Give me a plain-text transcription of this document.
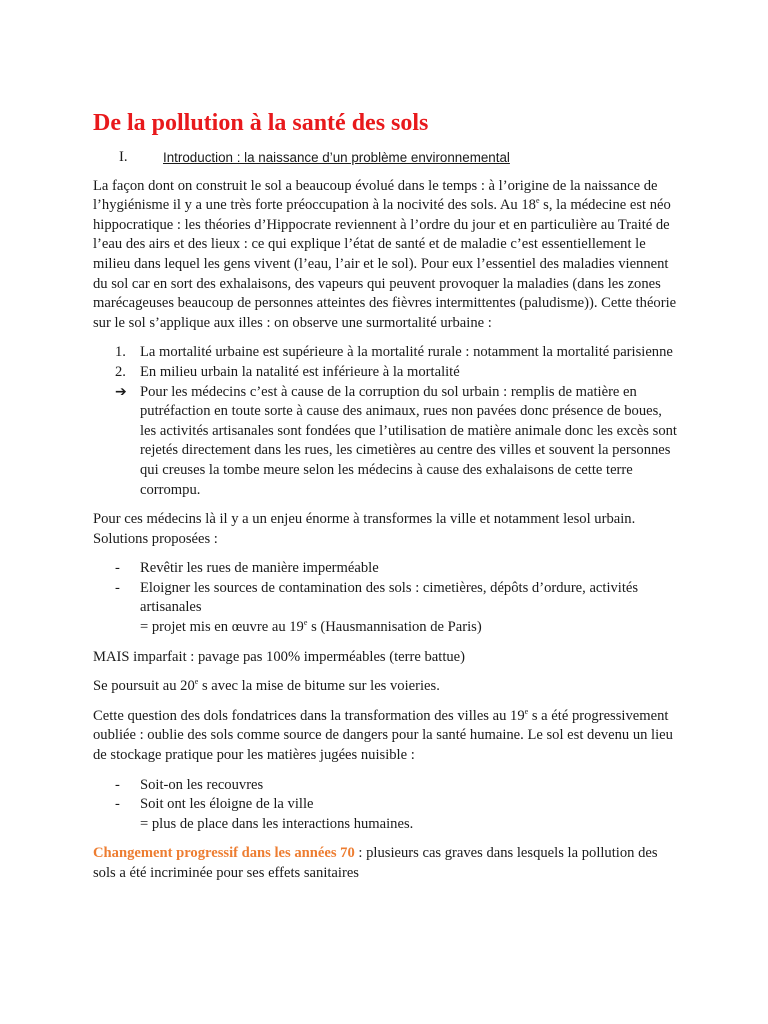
De la pollution à la santé des sols
I.	Introduction : la naissance d’un problème environnemental

La façon dont on construit le sol a beaucoup évolué dans le temps : à l’origine de la naissance de l’hygiénisme il y a une très forte préoccupation à la nocivité des sols. Au 18e s, la médecine est néo hippocratique : les théories d’Hippocrate reviennent à l’ordre du jour et en particulière au Traité de l’eau des airs et des lieux : ce qui explique l’état de santé et de maladie c’est essentiellement le milieu dans lequel les gens vivent (l’eau, l’air et le sol). Pour eux l’essentiel des maladies viennent du sol car en sort des exhalaisons, des vapeurs qui peuvent provoquer la maladies (dans les zones marécageuses beaucoup de personnes atteintes des fièvres intermittentes (paludisme)). Cette théorie sur le sol s’applique aux illes : on observe une surmortalité urbaine :

1. La mortalité urbaine est supérieure à la mortalité rurale : notamment la mortalité parisienne
2. En milieu urbain la natalité est inférieure à la mortalité
➔ Pour les médecins c’est à cause de la corruption du sol urbain : remplis de matière en putréfaction en toute sorte à cause des animaux, rues non pavées donc présence de boues, les activités artisanales sont fondées que l’utilisation de matière animale donc les excès sont rejetés directement dans les rues, les cimetières au centre des villes et souvent la personnes qui creuses la tombe meure selon les médecins à cause des exhalaisons de cette terre corrompu.

Pour ces médecins là il y a un enjeu énorme à transformes la ville et notamment lesol urbain. Solutions proposées :

-	Revêtir les rues de manière imperméable
-	Eloigner les sources de contamination des sols : cimetières, dépôts d’ordure, activités artisanales

= projet mis en œuvre au 19e s (Hausmannisation de Paris)

MAIS imparfait : pavage pas 100% imperméables (terre battue)

Se poursuit au 20e s avec la mise de bitume sur les voieries.

Cette question des dols fondatrices dans la transformation des villes au 19e s a été progressivement oubliée : oublie des sols comme source de dangers pour la santé humaine. Le sol est devenu un lieu de stockage pratique pour les matières jugées nuisible :

-	Soit-on les recouvres
-	Soit ont les éloigne de la ville

= plus de place dans les interactions humaines.

Changement progressif dans les années 70 : plusieurs cas graves dans lesquels la pollution des sols a été incriminée pour ses effets sanitaires
